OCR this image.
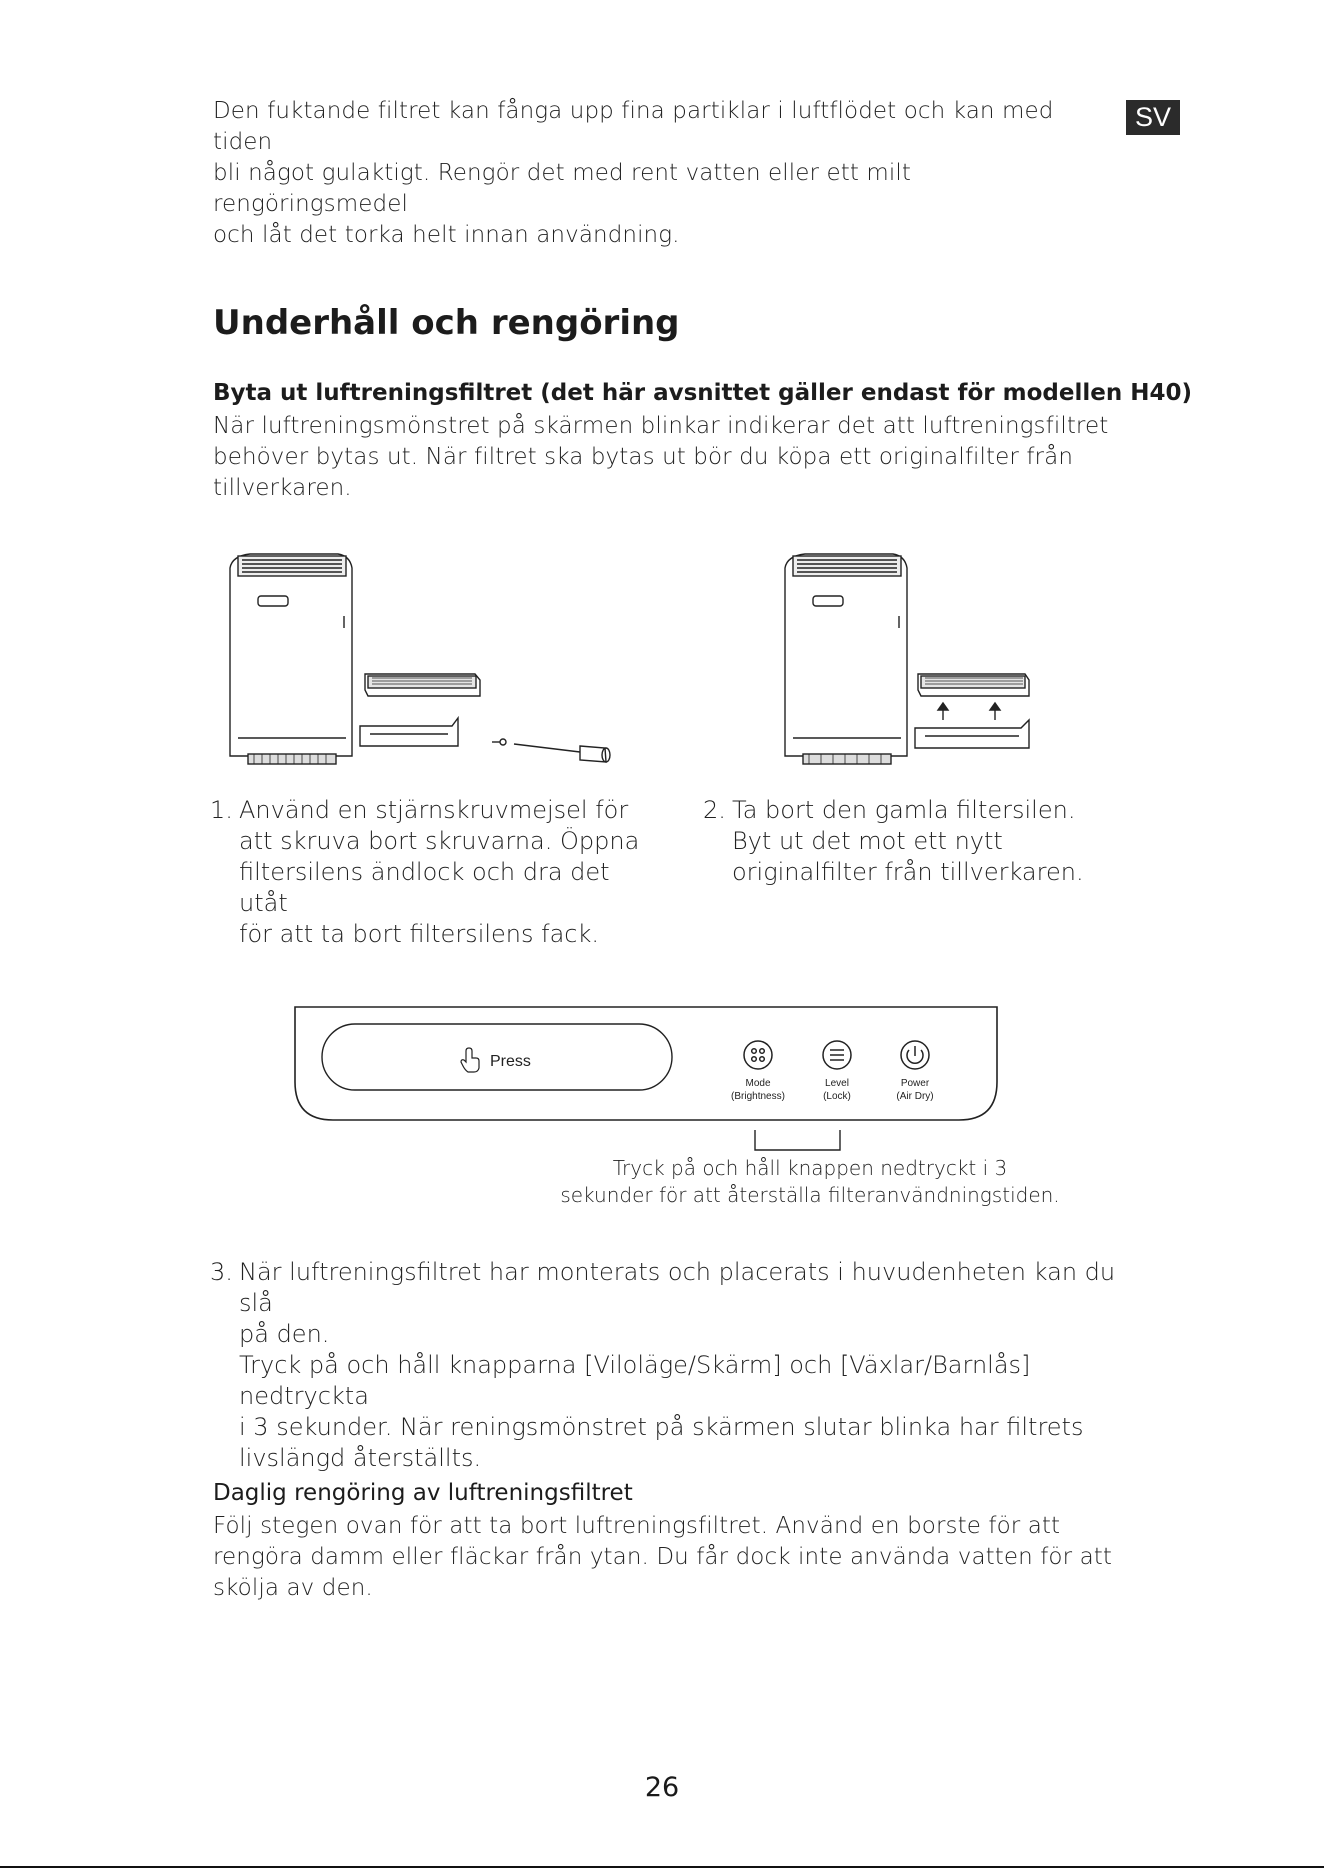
SV
Den fuktande filtret kan fånga upp fina partiklar i luftflödet och kan med tiden
bli något gulaktigt. Rengör det med rent vatten eller ett milt rengöringsmedel
och låt det torka helt innan användning.
Underhåll och rengöring
Byta ut luftreningsfiltret (det här avsnittet gäller endast för modellen H40)
När luftreningsmönstret på skärmen blinkar indikerar det att luftreningsfiltret
behöver bytas ut. När filtret ska bytas ut bör du köpa ett originalfilter från
tillverkaren.
1. Använd en stjärnskruvmejsel för
att skruva bort skruvarna. Öppna
filtersilens ändlock och dra det utåt
för att ta bort filtersilens fack.
2. Ta bort den gamla filtersilen.
Byt ut det mot ett nytt
originalfilter från tillverkaren.
Press
Mode
(Brightness)
Level
(Lock)
Power
(Air Dry)
Tryck på och håll knappen nedtryckt i 3
sekunder för att återställa filteranvändningstiden.
3. När luftreningsfiltret har monterats och placerats i huvudenheten kan du slå
på den.
Tryck på och håll knapparna [Viloläge/Skärm] och [Växlar/Barnlås] nedtryckta
i 3 sekunder. När reningsmönstret på skärmen slutar blinka har filtrets
livslängd återställts.
Daglig rengöring av luftreningsfiltret
Följ stegen ovan för att ta bort luftreningsfiltret. Använd en borste för att
rengöra damm eller fläckar från ytan. Du får dock inte använda vatten för att
skölja av den.
26
